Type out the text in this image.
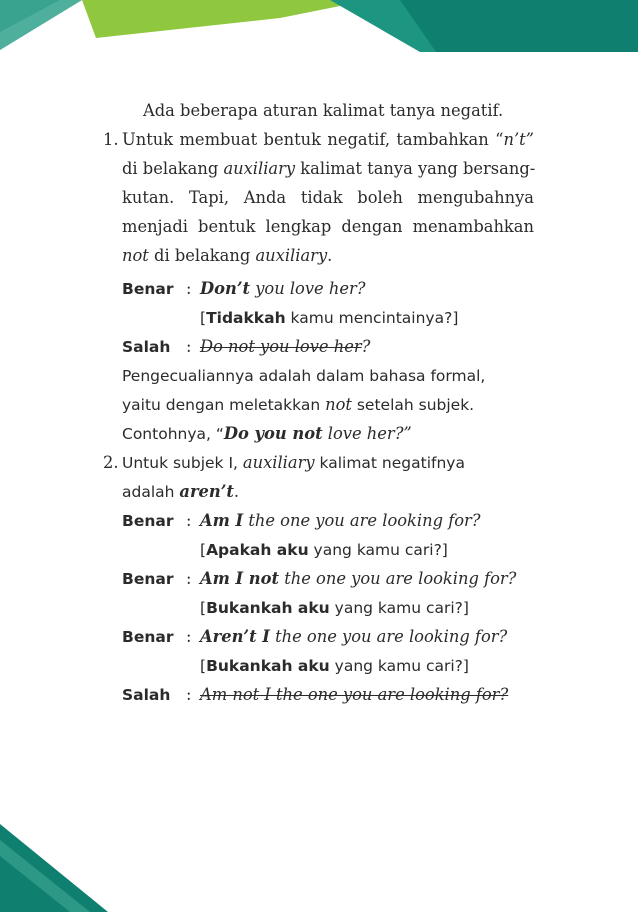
Ada beberapa aturan kalimat tanya negatif.
1. Untuk membuat bentuk negatif, tambahkan “n’t”
di belakang auxiliary kalimat tanya yang bersang-
kutan. Tapi, Anda tidak boleh mengubahnya
menjadi bentuk lengkap dengan menambahkan
not di belakang auxiliary.
Benar : Don’t you love her?
[Tidakkah kamu mencintainya?]
Salah : Do not you love her?
Pengecualiannya adalah dalam bahasa formal,
yaitu dengan meletakkan not setelah subjek.
Contohnya, “Do you not love her?”
2. Untuk subjek I, auxiliary kalimat negatifnya
adalah aren’t.
Benar : Am I the one you are looking for?
[Apakah aku yang kamu cari?]
Benar : Am I not the one you are looking for?
[Bukankah aku yang kamu cari?]
Benar : Aren’t I the one you are looking for?
[Bukankah aku yang kamu cari?]
Salah : Am not I the one you are looking for?
